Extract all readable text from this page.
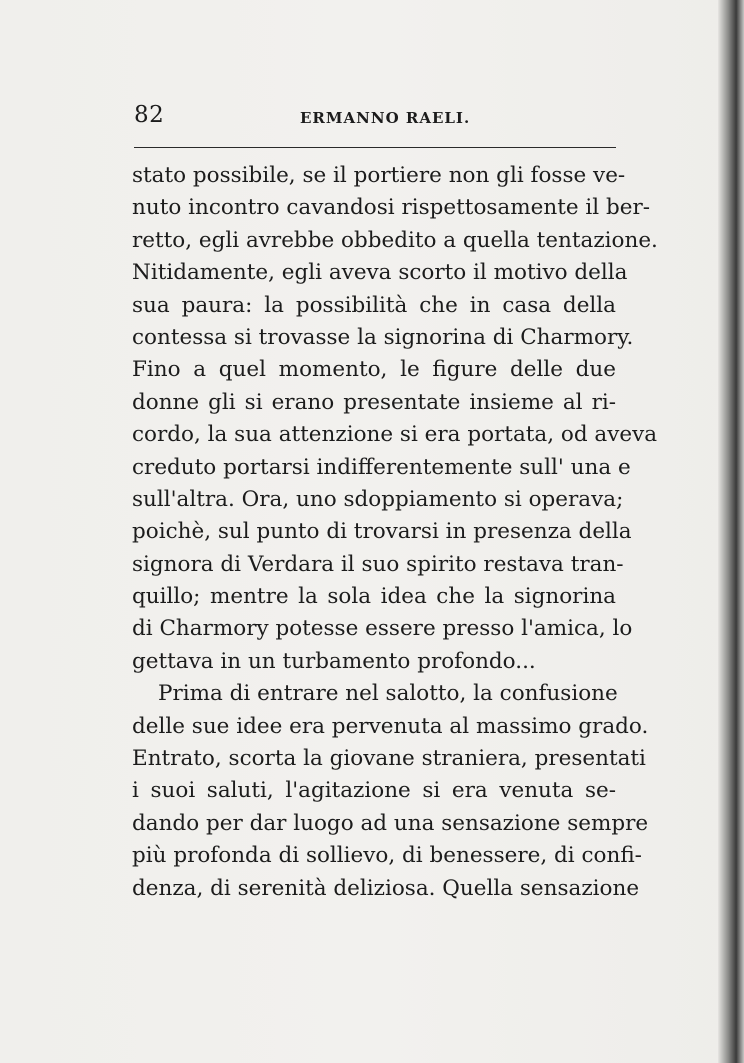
82	ERMANNO RAELI.
stato possibile, se il portiere non gli fosse ve-
nuto incontro cavandosi rispettosamente il ber-
retto, egli avrebbe obbedito a quella tentazione.
Nitidamente, egli aveva scorto il motivo della
sua paura: la possibilità che in casa della
contessa si trovasse la signorina di Charmory.
Fino a quel momento, le figure delle due
donne gli si erano presentate insieme al ri-
cordo, la sua attenzione si era portata, od aveva
creduto portarsi indifferentemente sull' una e
sull'altra. Ora, uno sdoppiamento si operava;
poichè, sul punto di trovarsi in presenza della
signora di Verdara il suo spirito restava tran-
quillo; mentre la sola idea che la signorina
di Charmory potesse essere presso l'amica, lo
gettava in un turbamento profondo...
Prima di entrare nel salotto, la confusione
delle sue idee era pervenuta al massimo grado.
Entrato, scorta la giovane straniera, presentati
i suoi saluti, l'agitazione si era venuta se-
dando per dar luogo ad una sensazione sempre
più profonda di sollievo, di benessere, di confi-
denza, di serenità deliziosa. Quella sensazione
